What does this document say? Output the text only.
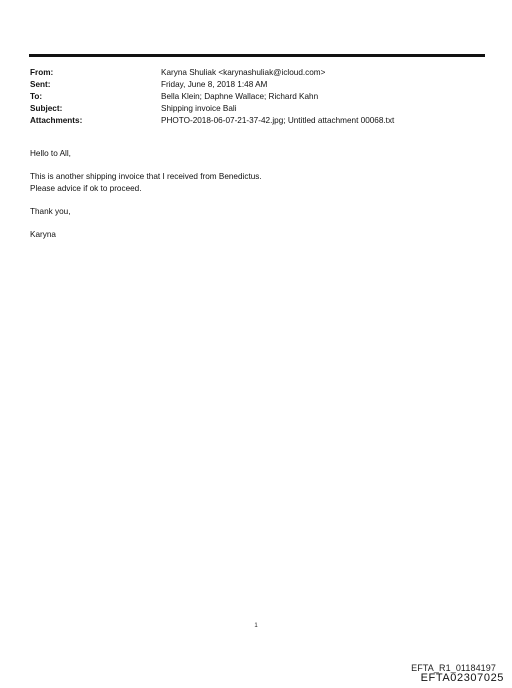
From:	Karyna Shuliak <karynashuliak@icloud.com>
Sent:	Friday, June 8, 2018 1:48 AM
To:	Bella Klein; Daphne Wallace; Richard Kahn
Subject:	Shipping invoice Bali
Attachments:	PHOTO-2018-06-07-21-37-42.jpg; Untitled attachment 00068.txt

Hello to All,

This is another shipping invoice that I received from Benedictus.

Please advice if ok to proceed.

Thank you,

Karyna

1
EFTA_R1_01184197
EFTA02307025
